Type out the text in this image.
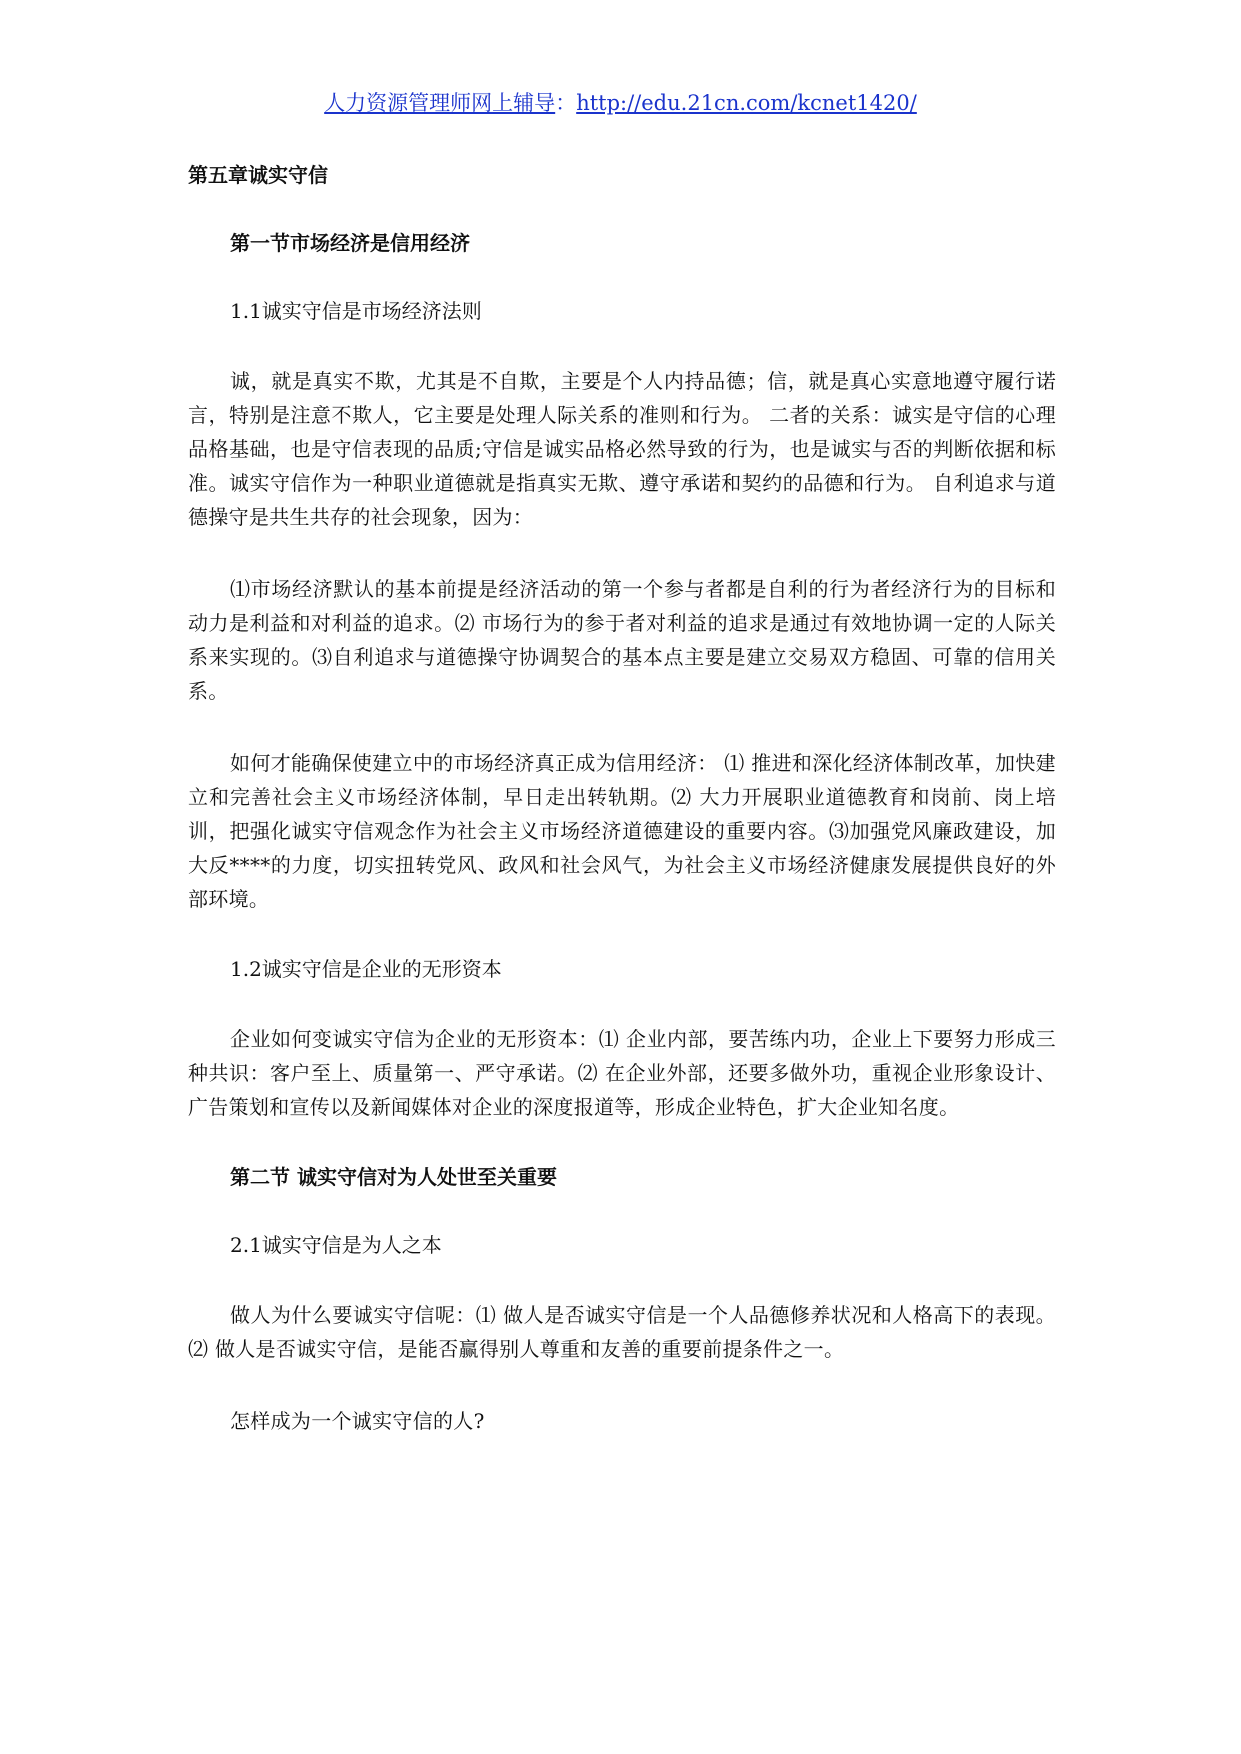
人力资源管理师网上辅导：http://edu.21cn.com/kcnet1420/
第五章诚实守信
第一节市场经济是信用经济
1.1诚实守信是市场经济法则

诚，就是真实不欺，尤其是不自欺，主要是个人内持品德；信，就是真心实意地遵守履行诺言，特别是注意不欺人，它主要是处理人际关系的准则和行为。 二者的关系：诚实是守信的心理品格基础，也是守信表现的品质;守信是诚实品格必然导致的行为，也是诚实与否的判断依据和标准。诚实守信作为一种职业道德就是指真实无欺、遵守承诺和契约的品德和行为。 自利追求与道德操守是共生共存的社会现象，因为：

⑴市场经济默认的基本前提是经济活动的第一个参与者都是自利的行为者经济行为的目标和动力是利益和对利益的追求。⑵ 市场行为的参于者对利益的追求是通过有效地协调一定的人际关系来实现的。⑶自利追求与道德操守协调契合的基本点主要是建立交易双方稳固、可靠的信用关系。

如何才能确保使建立中的市场经济真正成为信用经济： ⑴ 推进和深化经济体制改革，加快建立和完善社会主义市场经济体制，早日走出转轨期。⑵ 大力开展职业道德教育和岗前、岗上培训，把强化诚实守信观念作为社会主义市场经济道德建设的重要内容。⑶加强党风廉政建设，加大反****的力度，切实扭转党风、政风和社会风气，为社会主义市场经济健康发展提供良好的外部环境。

1.2诚实守信是企业的无形资本

企业如何变诚实守信为企业的无形资本：⑴ 企业内部，要苦练内功，企业上下要努力形成三种共识：客户至上、质量第一、严守承诺。⑵ 在企业外部，还要多做外功，重视企业形象设计、广告策划和宣传以及新闻媒体对企业的深度报道等，形成企业特色，扩大企业知名度。

第二节 诚实守信对为人处世至关重要
2.1诚实守信是为人之本

做人为什么要诚实守信呢：⑴ 做人是否诚实守信是一个人品德修养状况和人格高下的表现。 ⑵ 做人是否诚实守信，是能否赢得别人尊重和友善的重要前提条件之一。

怎样成为一个诚实守信的人?
